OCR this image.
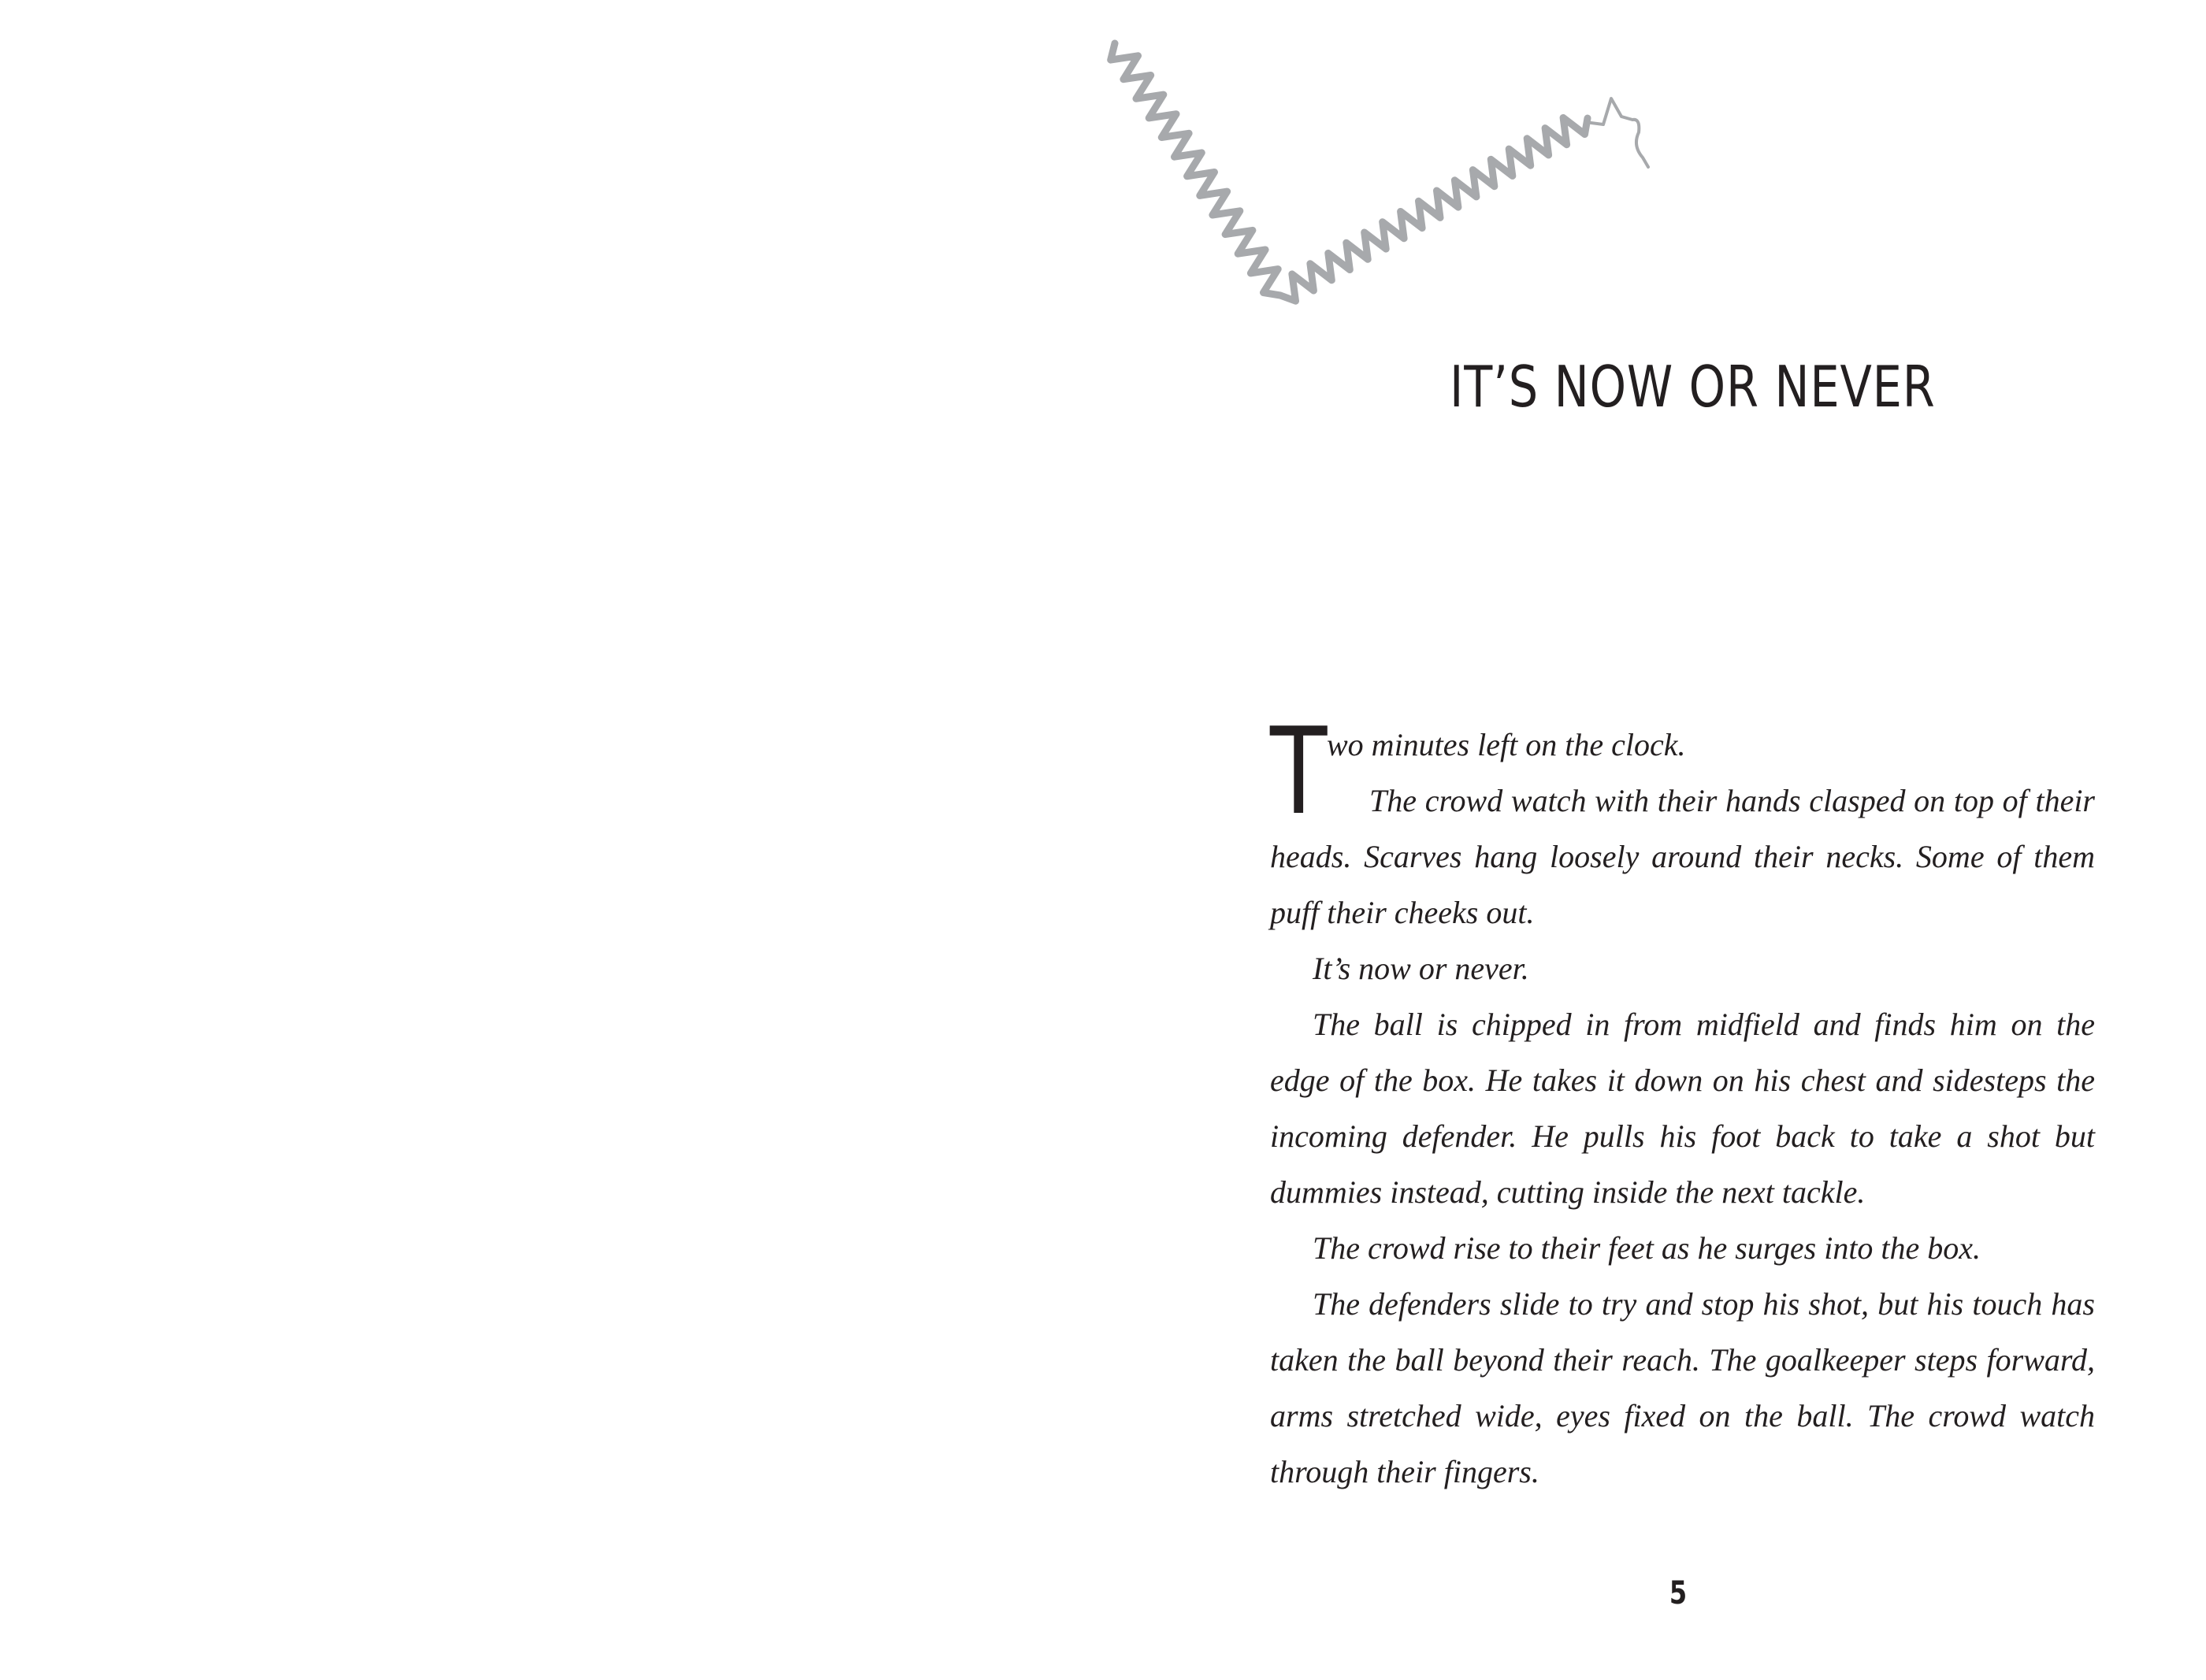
IT’S NOW OR NEVER

Two minutes left on the clock.

The crowd watch with their hands clasped on top of their heads. Scarves hang loosely around their necks. Some of them puff their cheeks out.

It’s now or never.

The ball is chipped in from midfield and finds him on the edge of the box. He takes it down on his chest and sidesteps the incoming defender. He pulls his foot back to take a shot but dummies instead, cutting inside the next tackle.

The crowd rise to their feet as he surges into the box.

The defenders slide to try and stop his shot, but his touch has taken the ball beyond their reach. The goalkeeper steps forward, arms stretched wide, eyes fixed on the ball. The crowd watch through their fingers.

5
